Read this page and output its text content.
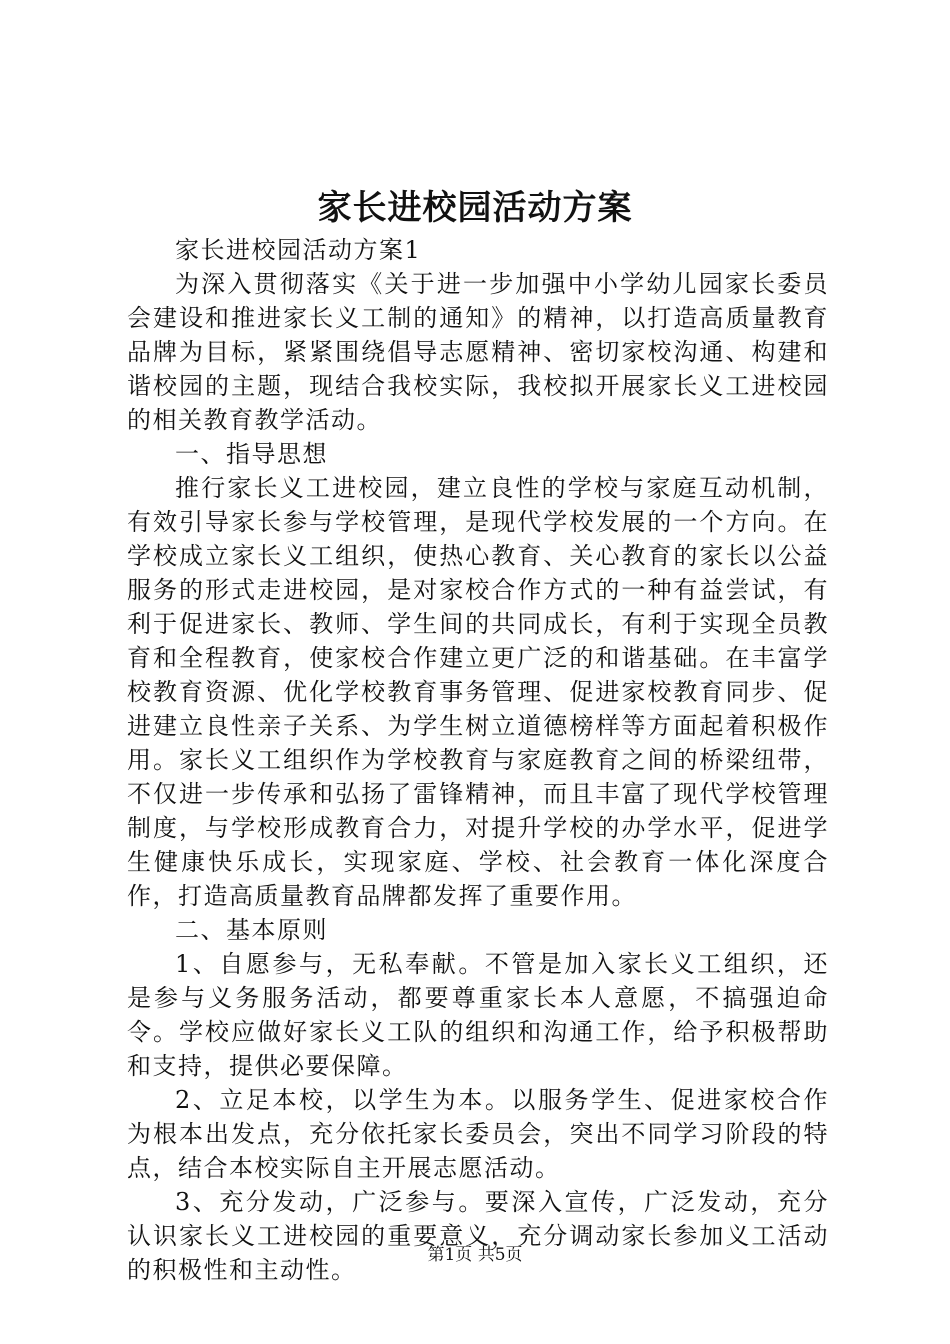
家长进校园活动方案

家长进校园活动方案1

为深入贯彻落实《关于进一步加强中小学幼儿园家长委员会建设和推进家长义工制的通知》的精神，以打造高质量教育品牌为目标，紧紧围绕倡导志愿精神、密切家校沟通、构建和谐校园的主题，现结合我校实际，我校拟开展家长义工进校园的相关教育教学活动。

一、指导思想

推行家长义工进校园，建立良性的学校与家庭互动机制，有效引导家长参与学校管理，是现代学校发展的一个方向。在学校成立家长义工组织，使热心教育、关心教育的家长以公益服务的形式走进校园，是对家校合作方式的一种有益尝试，有利于促进家长、教师、学生间的共同成长，有利于实现全员教育和全程教育，使家校合作建立更广泛的和谐基础。在丰富学校教育资源、优化学校教育事务管理、促进家校教育同步、促进建立良性亲子关系、为学生树立道德榜样等方面起着积极作用。家长义工组织作为学校教育与家庭教育之间的桥梁纽带，不仅进一步传承和弘扬了雷锋精神，而且丰富了现代学校管理制度，与学校形成教育合力，对提升学校的办学水平，促进学生健康快乐成长，实现家庭、学校、社会教育一体化深度合作，打造高质量教育品牌都发挥了重要作用。

二、基本原则

1、自愿参与，无私奉献。不管是加入家长义工组织，还是参与义务服务活动，都要尊重家长本人意愿，不搞强迫命令。学校应做好家长义工队的组织和沟通工作，给予积极帮助和支持，提供必要保障。

2、立足本校，以学生为本。以服务学生、促进家校合作为根本出发点，充分依托家长委员会，突出不同学习阶段的特点，结合本校实际自主开展志愿活动。

3、充分发动，广泛参与。要深入宣传，广泛发动，充分认识家长义工进校园的重要意义，充分调动家长参加义工活动的积极性和主动性。

第1页 共5页
